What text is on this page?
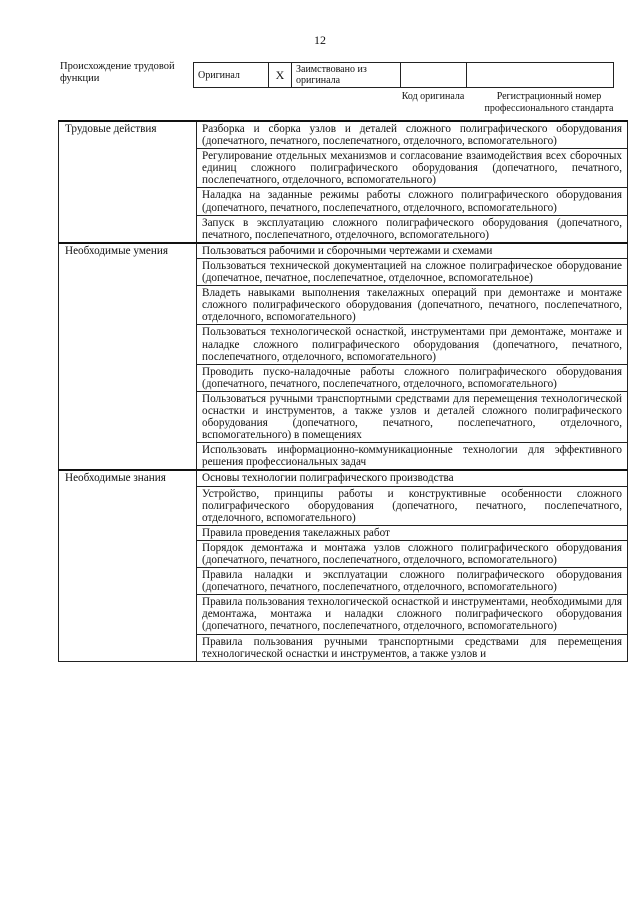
12
Происхождение трудовой функции	Оригинал	X	Заимствовано из оригинала		
Код оригинала	Регистрационный номер профессионального стандарта
Трудовые действия	Разборка и сборка узлов и деталей сложного полиграфического оборудования (допечатного, печатного, послепечатного, отделочного, вспомогательного)
	Регулирование отдельных механизмов и согласование взаимодействия всех сборочных единиц сложного полиграфического оборудования (допечатного, печатного, послепечатного, отделочного, вспомогательного)
	Наладка на заданные режимы работы сложного полиграфического оборудования (допечатного, печатного, послепечатного, отделочного, вспомогательного)
	Запуск в эксплуатацию сложного полиграфического оборудования (допечатного, печатного, послепечатного, отделочного, вспомогательного)
Необходимые умения	Пользоваться рабочими и сборочными чертежами и схемами
	Пользоваться технической документацией на сложное полиграфическое оборудование (допечатное, печатное, послепечатное, отделочное, вспомогательное)
	Владеть навыками выполнения такелажных операций при демонтаже и монтаже сложного полиграфического оборудования (допечатного, печатного, послепечатного, отделочного, вспомогательного)
	Пользоваться технологической оснасткой, инструментами при демонтаже, монтаже и наладке сложного полиграфического оборудования (допечатного, печатного, послепечатного, отделочного, вспомогательного)
	Проводить пуско-наладочные работы сложного полиграфического оборудования (допечатного, печатного, послепечатного, отделочного, вспомогательного)
	Пользоваться ручными транспортными средствами для перемещения технологической оснастки и инструментов, а также узлов и деталей сложного полиграфического оборудования (допечатного, печатного, послепечатного, отделочного, вспомогательного) в помещениях
	Использовать информационно-коммуникационные технологии для эффективного решения профессиональных задач
Необходимые знания	Основы технологии полиграфического производства
	Устройство, принципы работы и конструктивные особенности сложного полиграфического оборудования (допечатного, печатного, послепечатного, отделочного, вспомогательного)
	Правила проведения такелажных работ
	Порядок демонтажа и монтажа узлов сложного полиграфического оборудования (допечатного, печатного, послепечатного, отделочного, вспомогательного)
	Правила наладки и эксплуатации сложного полиграфического оборудования (допечатного, печатного, послепечатного, отделочного, вспомогательного)
	Правила пользования технологической оснасткой и инструментами, необходимыми для демонтажа, монтажа и наладки сложного полиграфического оборудования (допечатного, печатного, послепечатного, отделочного, вспомогательного)
	Правила пользования ручными транспортными средствами для перемещения технологической оснастки и инструментов, а также узлов и
